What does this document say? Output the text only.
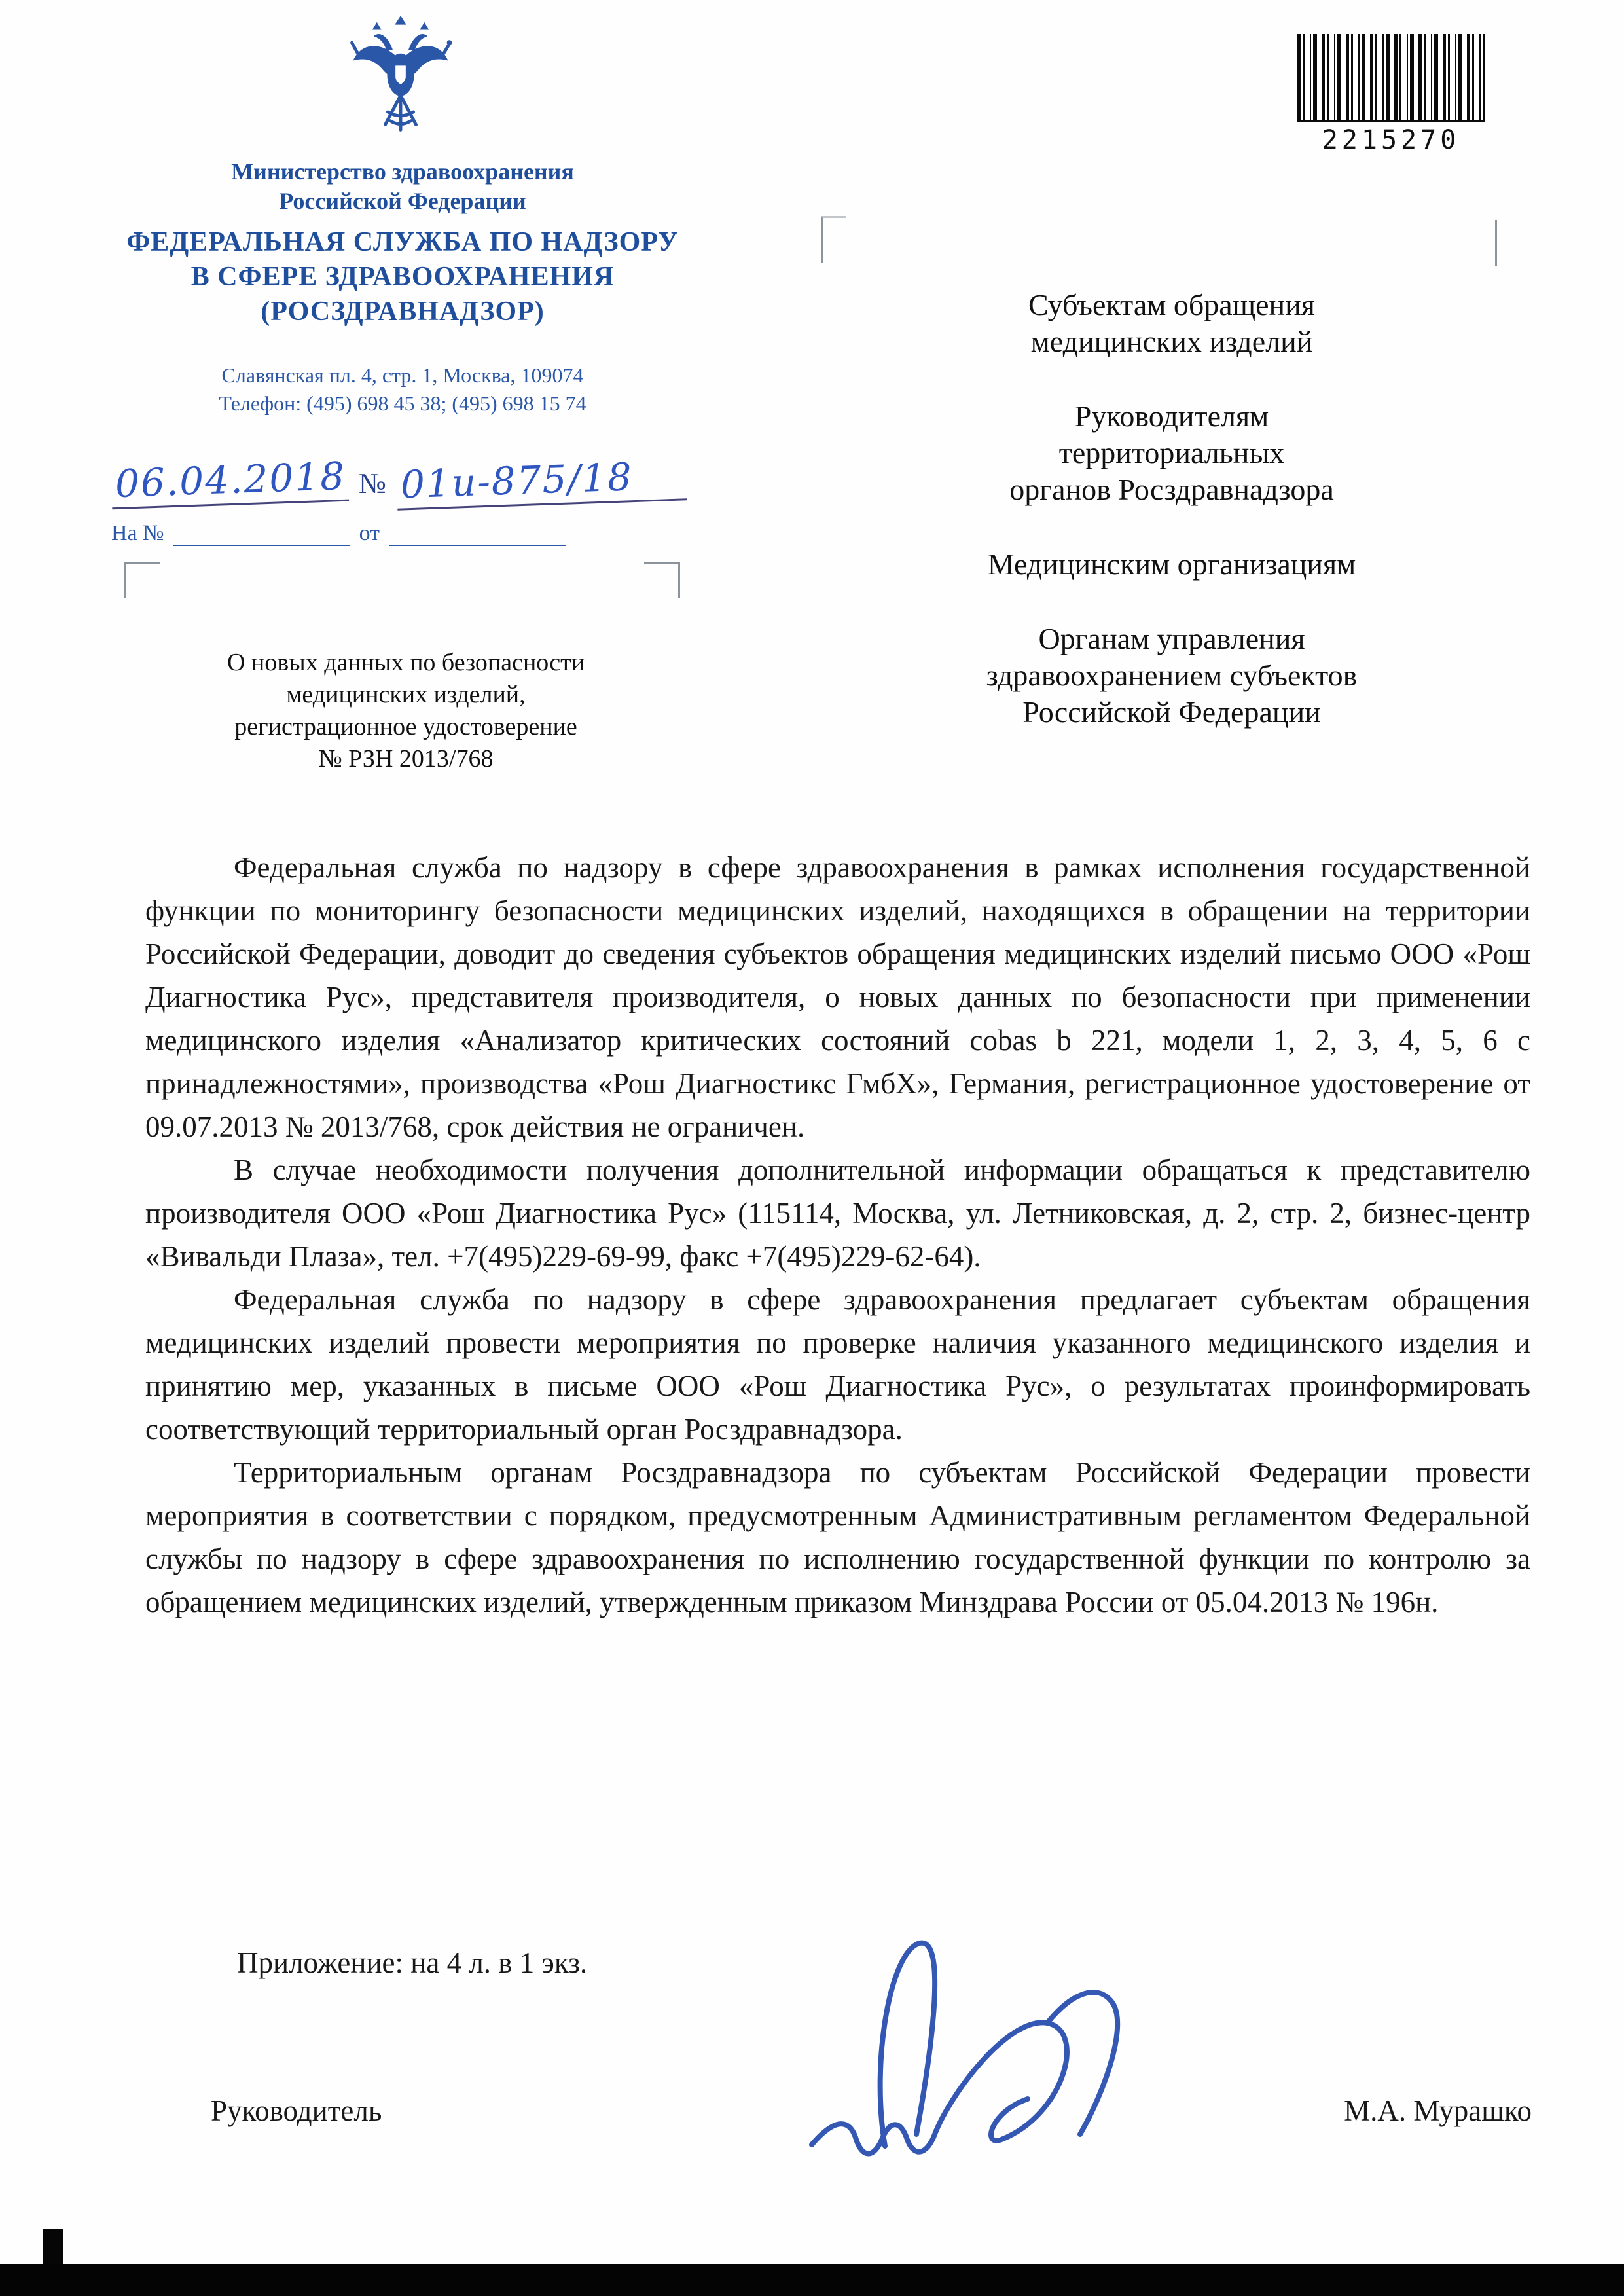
Министерство здравоохранения
Российской Федерации
ФЕДЕРАЛЬНАЯ СЛУЖБА ПО НАДЗОРУ
В СФЕРЕ ЗДРАВООХРАНЕНИЯ
(РОСЗДРАВНАДЗОР)
Славянская пл. 4, стр. 1, Москва, 109074
Телефон: (495) 698 45 38; (495) 698 15 74
06.04.2018 № 01и-875/18
На №	от
2215270
Субъектам обращения
медицинских изделий
Руководителям
территориальных
органов Росздравнадзора
Медицинским организациям
Органам управления
здравоохранением субъектов
Российской Федерации
О новых данных по безопасности
медицинских изделий,
регистрационное удостоверение
№ РЗН 2013/768

Федеральная служба по надзору в сфере здравоохранения в рамках исполнения государственной функции по мониторингу безопасности медицинских изделий, находящихся в обращении на территории Российской Федерации, доводит до сведения субъектов обращения медицинских изделий письмо ООО «Рош Диагностика Рус», представителя производителя, о новых данных по безопасности при применении медицинского изделия «Анализатор критических состояний cobas b 221, модели 1, 2, 3, 4, 5, 6 с принадлежностями», производства «Рош Диагностикс ГмбХ», Германия, регистрационное удостоверение от 09.07.2013 № 2013/768, срок действия не ограничен.

В случае необходимости получения дополнительной информации обращаться к представителю производителя ООО «Рош Диагностика Рус» (115114, Москва, ул. Летниковская, д. 2, стр. 2, бизнес-центр «Вивальди Плаза», тел. +7(495)229-69-99, факс +7(495)229-62-64).

Федеральная служба по надзору в сфере здравоохранения предлагает субъектам обращения медицинских изделий провести мероприятия по проверке наличия указанного медицинского изделия и принятию мер, указанных в письме ООО «Рош Диагностика Рус», о результатах проинформировать соответствующий территориальный орган Росздравнадзора.

Территориальным органам Росздравнадзора по субъектам Российской Федерации провести мероприятия в соответствии с порядком, предусмотренным Административным регламентом Федеральной службы по надзору в сфере здравоохранения по исполнению государственной функции по контролю за обращением медицинских изделий, утвержденным приказом Минздрава России от 05.04.2013 № 196н.

Приложение: на 4 л. в 1 экз.
Руководитель	М.А. Мурашко
